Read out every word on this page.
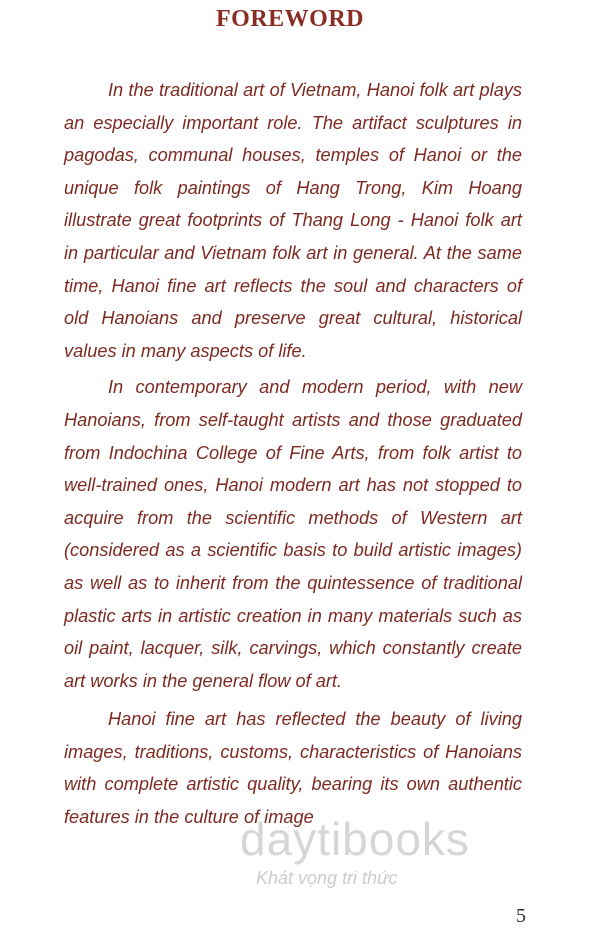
FOREWORD

In the traditional art of Vietnam, Hanoi folk art plays an especially important role. The artifact sculptures in pagodas, communal houses, temples of Hanoi or the unique folk paintings of Hang Trong, Kim Hoang illustrate great footprints of Thang Long - Hanoi folk art in particular and Vietnam folk art in general. At the same time, Hanoi fine art reflects the soul and characters of old Hanoians and preserve great cultural, historical values in many aspects of life.

In contemporary and modern period, with new Hanoians, from self-taught artists and those graduated from Indochina College of Fine Arts, from folk artist to well-trained ones, Hanoi modern art has not stopped to acquire from the scientific methods of Western art (considered as a scientific basis to build artistic images) as well as to inherit from the quintessence of traditional plastic arts in artistic creation in many materials such as oil paint, lacquer, silk, carvings, which constantly create art works in the general flow of art.

Hanoi fine art has reflected the beauty of living images, traditions, customs, characteristics of Hanoians with complete artistic quality, bearing its own authentic features in the culture of image

daytibooks
Khát vọng tri thức
5
